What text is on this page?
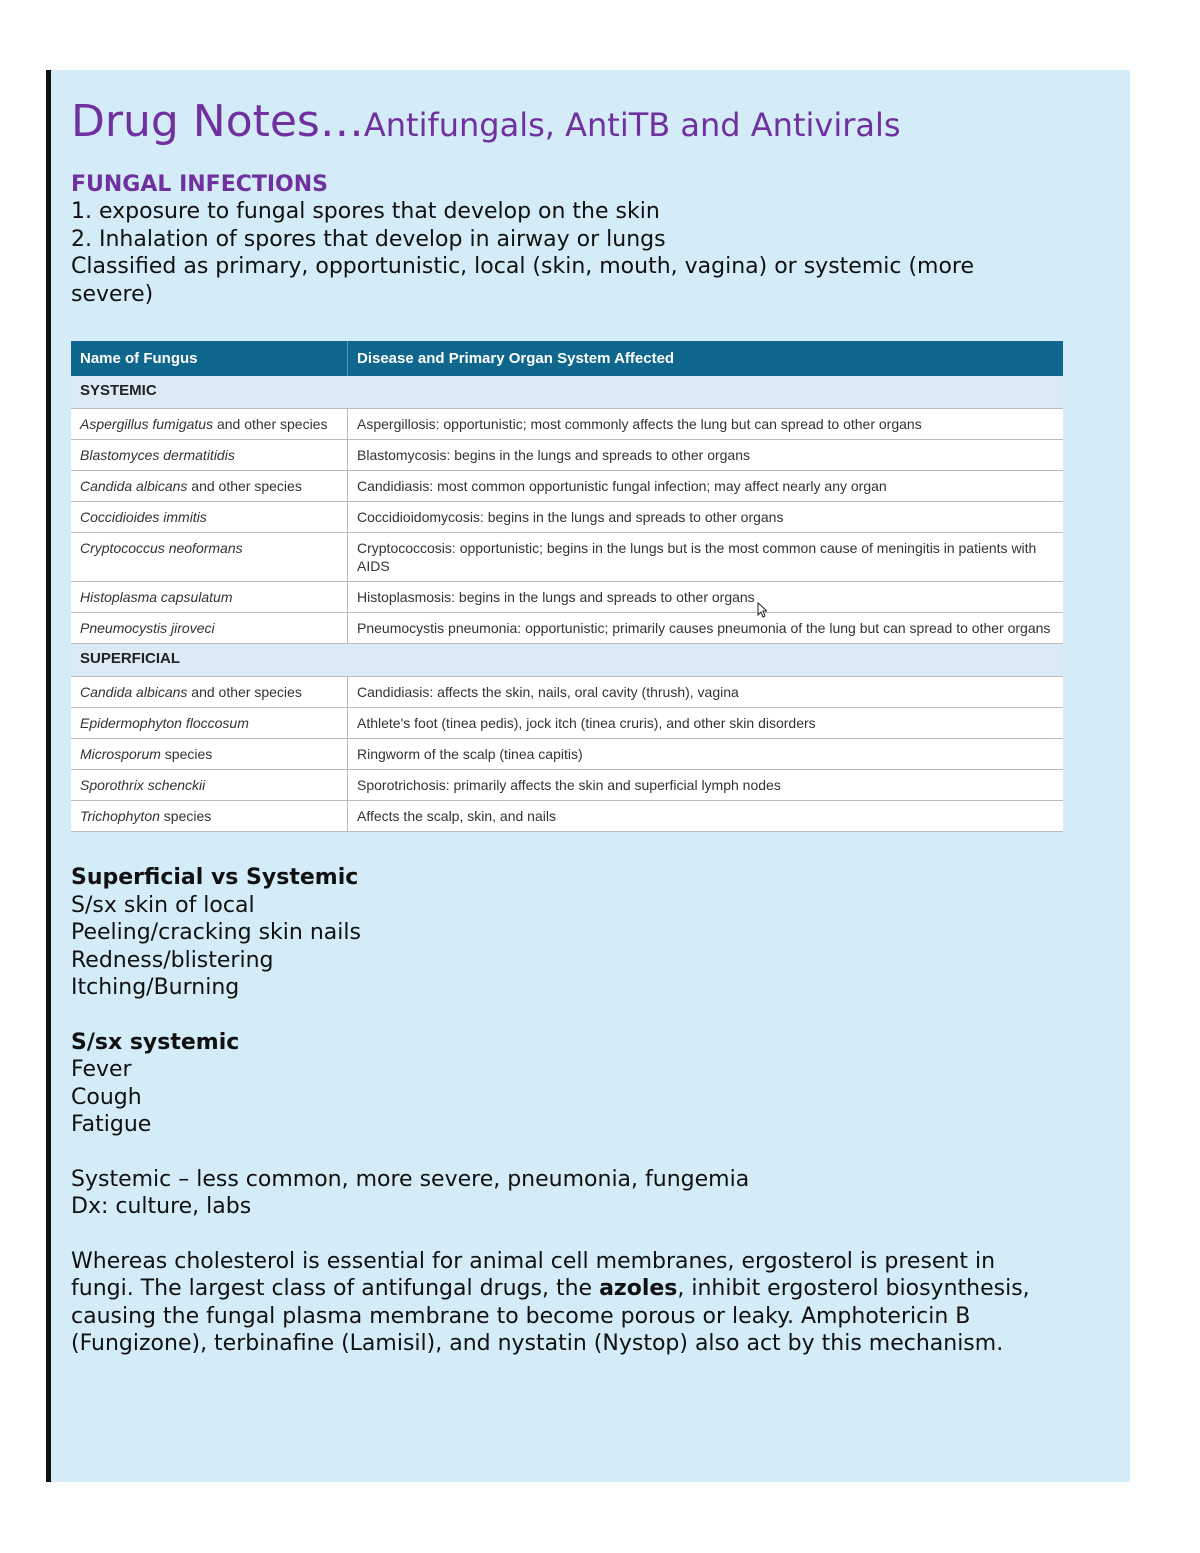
Drug Notes…Antifungals, AntiTB and Antivirals
FUNGAL INFECTIONS
1. exposure to fungal spores that develop on the skin
2. Inhalation of spores that develop in airway or lungs
Classified as primary, opportunistic, local (skin, mouth, vagina) or systemic (more
severe)
Name of Fungus	Disease and Primary Organ System Affected
SYSTEMIC	
Aspergillus fumigatus and other species	Aspergillosis: opportunistic; most commonly affects the lung but can spread to other organs
Blastomyces dermatitidis	Blastomycosis: begins in the lungs and spreads to other organs
Candida albicans and other species	Candidiasis: most common opportunistic fungal infection; may affect nearly any organ
Coccidioides immitis	Coccidioidomycosis: begins in the lungs and spreads to other organs
Cryptococcus neoformans	Cryptococcosis: opportunistic; begins in the lungs but is the most common cause of meningitis in patients with AIDS
Histoplasma capsulatum	Histoplasmosis: begins in the lungs and spreads to other organs
Pneumocystis jiroveci	Pneumocystis pneumonia: opportunistic; primarily causes pneumonia of the lung but can spread to other organs
SUPERFICIAL	
Candida albicans and other species	Candidiasis: affects the skin, nails, oral cavity (thrush), vagina
Epidermophyton floccosum	Athlete's foot (tinea pedis), jock itch (tinea cruris), and other skin disorders
Microsporum species	Ringworm of the scalp (tinea capitis)
Sporothrix schenckii	Sporotrichosis: primarily affects the skin and superficial lymph nodes
Trichophyton species	Affects the scalp, skin, and nails
Superficial vs Systemic
S/sx skin of local
Peeling/cracking skin nails
Redness/blistering
Itching/Burning
S/sx systemic
Fever
Cough
Fatigue
Systemic – less common, more severe, pneumonia, fungemia
Dx: culture, labs
Whereas cholesterol is essential for animal cell membranes, ergosterol is present in
fungi. The largest class of antifungal drugs, the azoles, inhibit ergosterol biosynthesis,
causing the fungal plasma membrane to become porous or leaky. Amphotericin B
(Fungizone), terbinafine (Lamisil), and nystatin (Nystop) also act by this mechanism.
